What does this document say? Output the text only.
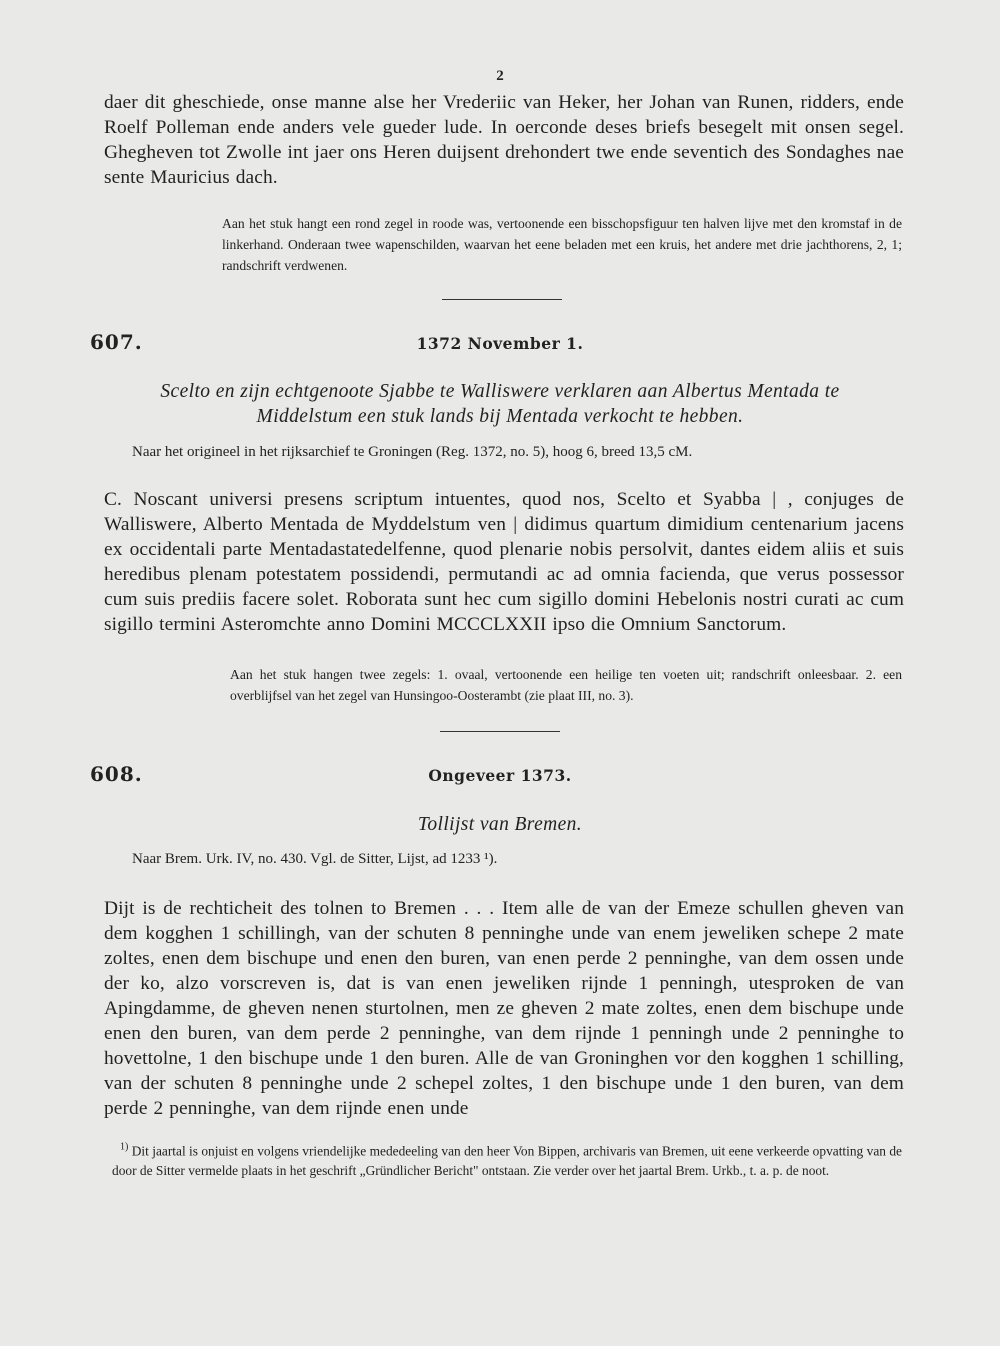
2

daer dit gheschiede, onse manne alse her Vrederiic van Heker, her Johan van Runen, ridders, ende Roelf Polleman ende anders vele gueder lude. In oerconde deses briefs besegelt mit onsen segel. Ghegheven tot Zwolle int jaer ons Heren duijsent drehondert twe ende seventich des Sondaghes nae sente Mauricius dach.

Aan het stuk hangt een rond zegel in roode was, vertoonende een bisschopsfiguur ten halven lijve met den kromstaf in de linkerhand. Onderaan twee wapenschilden, waarvan het eene beladen met een kruis, het andere met drie jachthorens, 2, 1; randschrift verdwenen.

607.	1372 November 1.
Scelto en zijn echtgenoote Sjabbe te Walliswere verklaren aan Albertus Mentada te
Middelstum een stuk lands bij Mentada verkocht te hebben.
Naar het origineel in het rijksarchief te Groningen (Reg. 1372, no. 5), hoog 6, breed 13,5 cM.

C. Noscant universi presens scriptum intuentes, quod nos, Scelto et Syabba | , conjuges de Walliswere, Alberto Mentada de Myddelstum ven | didimus quartum dimidium centenarium jacens ex occidentali parte Mentadastatedelfenne, quod plenarie nobis persolvit, dantes eidem aliis et suis heredibus plenam potestatem possidendi, permutandi ac ad omnia facienda, que verus possessor cum suis prediis facere solet. Roborata sunt hec cum sigillo domini Hebelonis nostri curati ac cum sigillo termini Asteromchte anno Domini MCCCLXXII ipso die Omnium Sanctorum.

Aan het stuk hangen twee zegels: 1. ovaal, vertoonende een heilige ten voeten uit; randschrift onleesbaar. 2. een overblijfsel van het zegel van Hunsingoo-Oosterambt (zie plaat III, no. 3).

608.	Ongeveer 1373.
Tollijst van Bremen.
Naar Brem. Urk. IV, no. 430. Vgl. de Sitter, Lijst, ad 1233 ¹).

Dijt is de rechticheit des tolnen to Bremen . . . Item alle de van der Emeze schullen gheven van dem kogghen 1 schillingh, van der schuten 8 penninghe unde van enem jeweliken schepe 2 mate zoltes, enen dem bischupe und enen den buren, van enen perde 2 penninghe, van dem ossen unde der ko, alzo vorscreven is, dat is van enen jeweliken rijnde 1 penningh, utesproken de van Apingdamme, de gheven nenen sturtolnen, men ze gheven 2 mate zoltes, enen dem bischupe unde enen den buren, van dem perde 2 penninghe, van dem rijnde 1 penningh unde 2 penninghe to hovettolne, 1 den bischupe unde 1 den buren. Alle de van Groninghen vor den kogghen 1 schilling, van der schuten 8 penninghe unde 2 schepel zoltes, 1 den bischupe unde 1 den buren, van dem perde 2 penninghe, van dem rijnde enen unde

$^{1)}$ Dit jaartal is onjuist en volgens vriendelijke mededeeling van den heer Von Bippen, archivaris van Bremen, uit eene verkeerde opvatting van de door de Sitter vermelde plaats in het geschrift „Gründlicher Bericht" ontstaan. Zie verder over het jaartal Brem. Urkb., t. a. p. de noot.
